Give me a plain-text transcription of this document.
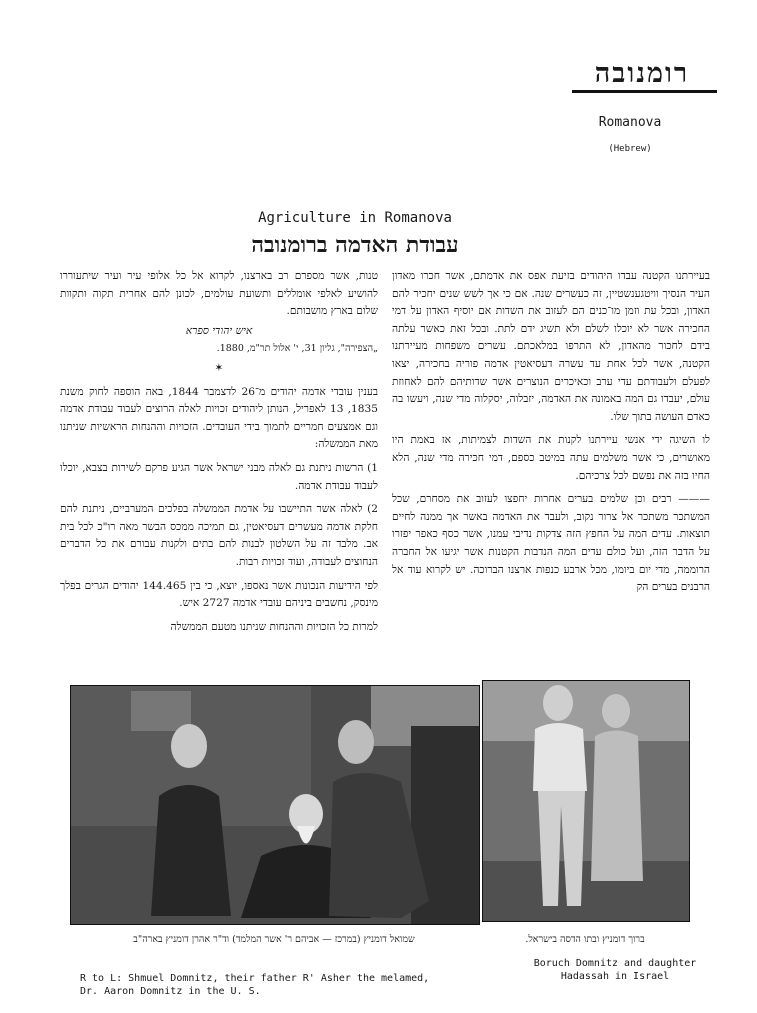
רומנובה
Romanova
(Hebrew)
Agriculture in Romanova
עבודת האדמה ברומנובה

בעיירתנו הקטנה עבדו היהודים בזיעת אפס את אדמתם, אשר חכרו מאדון העיר הנסיך וויטגענשטיין, זה כעשרים שנה. אם כי אך לשש שנים יחכיר להם האדון, ובכל עת וזמן מו־כנים הם לעזוב את השדות אם יוסיף האדון על דמי החכירה אשר לא יוכלו לשלם ולא תשיג ידם לתת. ובכל זאת כאשר עלתה בידם לחכור מהאדון, לא התרפו במלאכתם. עשרים משפחות מעיירתנו הקטנה, אשר לכל אחת עד עשרה דעסיאטין אדמה פוריה בחכירה, יצאו לפעלם ולעבודתם עדי ערב וכאיכרים הנוצרים אשר שדותיהם להם לאחוזת עולם, יעבדו גם המה באמונה את האדמה, יזבלוה, יסקלוה מדי שנה, ויעשו בה כאדם העושה בתוך שלו.

לו השיגה ידי אנשי עיירתנו לקנות את השדות לצמיתות, אז באמת היו מאושרים, כי אשר משלמים עתה במיטב כספם, דמי חכירה מדי שנה, הלא החיו בזה את נפשם לכל צרכיהם.

——— רבים וכן שלמים בערים אחרות יחפצו לעזוב את מסחרם, שכל המשתכר משתכר אל צרור נקוב, ולעבד את האדמה באשר אך ממנה לחיים תוצאות. עדים המה על החפץ הזה צדקות נדיבי עמנו, אשר כסף כאפר יפזרו על הדבר הזה, ועל כולם עדים המה הנדבות הקטנות אשר יגיעו אל החברה הרוממה, מדי יום ביומו, מכל ארבע כנפות ארצנו הברוכה. יש לקרוא עוד אל הרבנים בערים הק

טנות, אשר מספרם רב בארצנו, לקרוא אל כל אלופי עיר ועיר שיתעוררו להושיע לאלפי אומללים ותשועת עולמים, לכונן להם אחרית תקוה ותקוות שלום בארץ מושבותם.

איש יהודי ספרא

„הצפירה", גליון 31, י' אלול תר"מ, 1880.

✶

בענין עובדי אדמה יהודים מ־26 לדצמבר 1844, באה הוספה לחוק משנת 1835, 13 לאפריל, הנותן ליהודים זכויות לאלה הרוצים לעבוד עבודת אדמה וגם אמצעים חמריים לתמוך בידי העובדים. הזכויות וההנחות הראשיות שניתנו מאת הממשלה:

1) הרשות ניתנת גם לאלה מבני ישראל אשר הגיע פרקם לשירות בצבא, יוכלו לעבוד עבודת אדמה.

2) לאלה אשר התיישבו על אדמת הממשלה בפלכים המערביים, ניתנת להם חלקת אדמה מעשרים דעסיאטין, גם תמיכה ממכס הבשר מאה רו"כ לכל בית אב. מלבד זה על השלטון לבנות להם בתים ולקנות עבורם את כל הדברים הנחוצים לעבודה, ועוד זכויות רבות.

לפי הידיעות הנכונות אשר נאספו, יוצא, כי בין 144.465 יהודים הגרים בפלך מינסק, נחשבים ביניהם עובדי אדמה 2727 איש.

למרות כל הזכויות וההנחות שניתנו מטעם הממשלה

שמואל דומניץ (במרכז — אביהם ר' אשר המלמד) וד"ר אהרן דומניץ בארה"ב	ברוך דומניץ ובתו הדסה בישראל.
R to L: Shmuel Domnitz, their father R' Asher the melamed,
Dr. Aaron Domnitz in the U. S.
Boruch Domnitz and daughter
Hadassah in Israel
